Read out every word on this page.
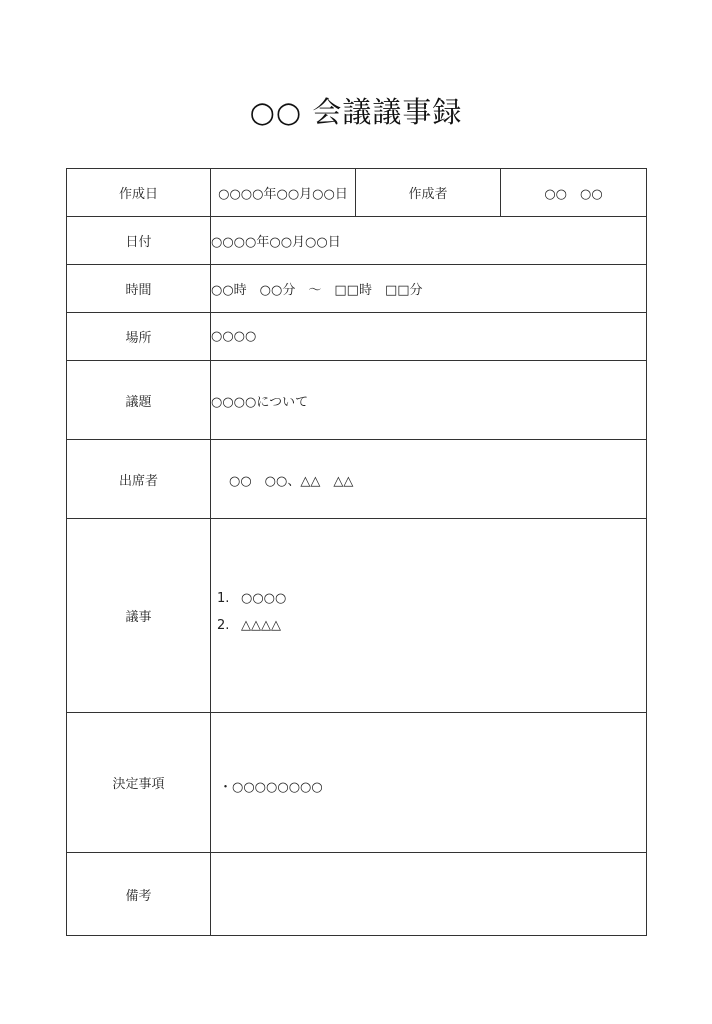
○○ 会議議事録
作成日	○○○○年○○月○○日	作成者	○○　○○
日付	○○○○年○○月○○日		
時間	○○時　○○分　～　□□時　□□分		
場所	○○○○		
議題	○○○○について		
出席者	○○　○○、△△　△△		
議事	1. ○○○○
2. △△△△		

決定事項	・○○○○○○○○		

備考			
